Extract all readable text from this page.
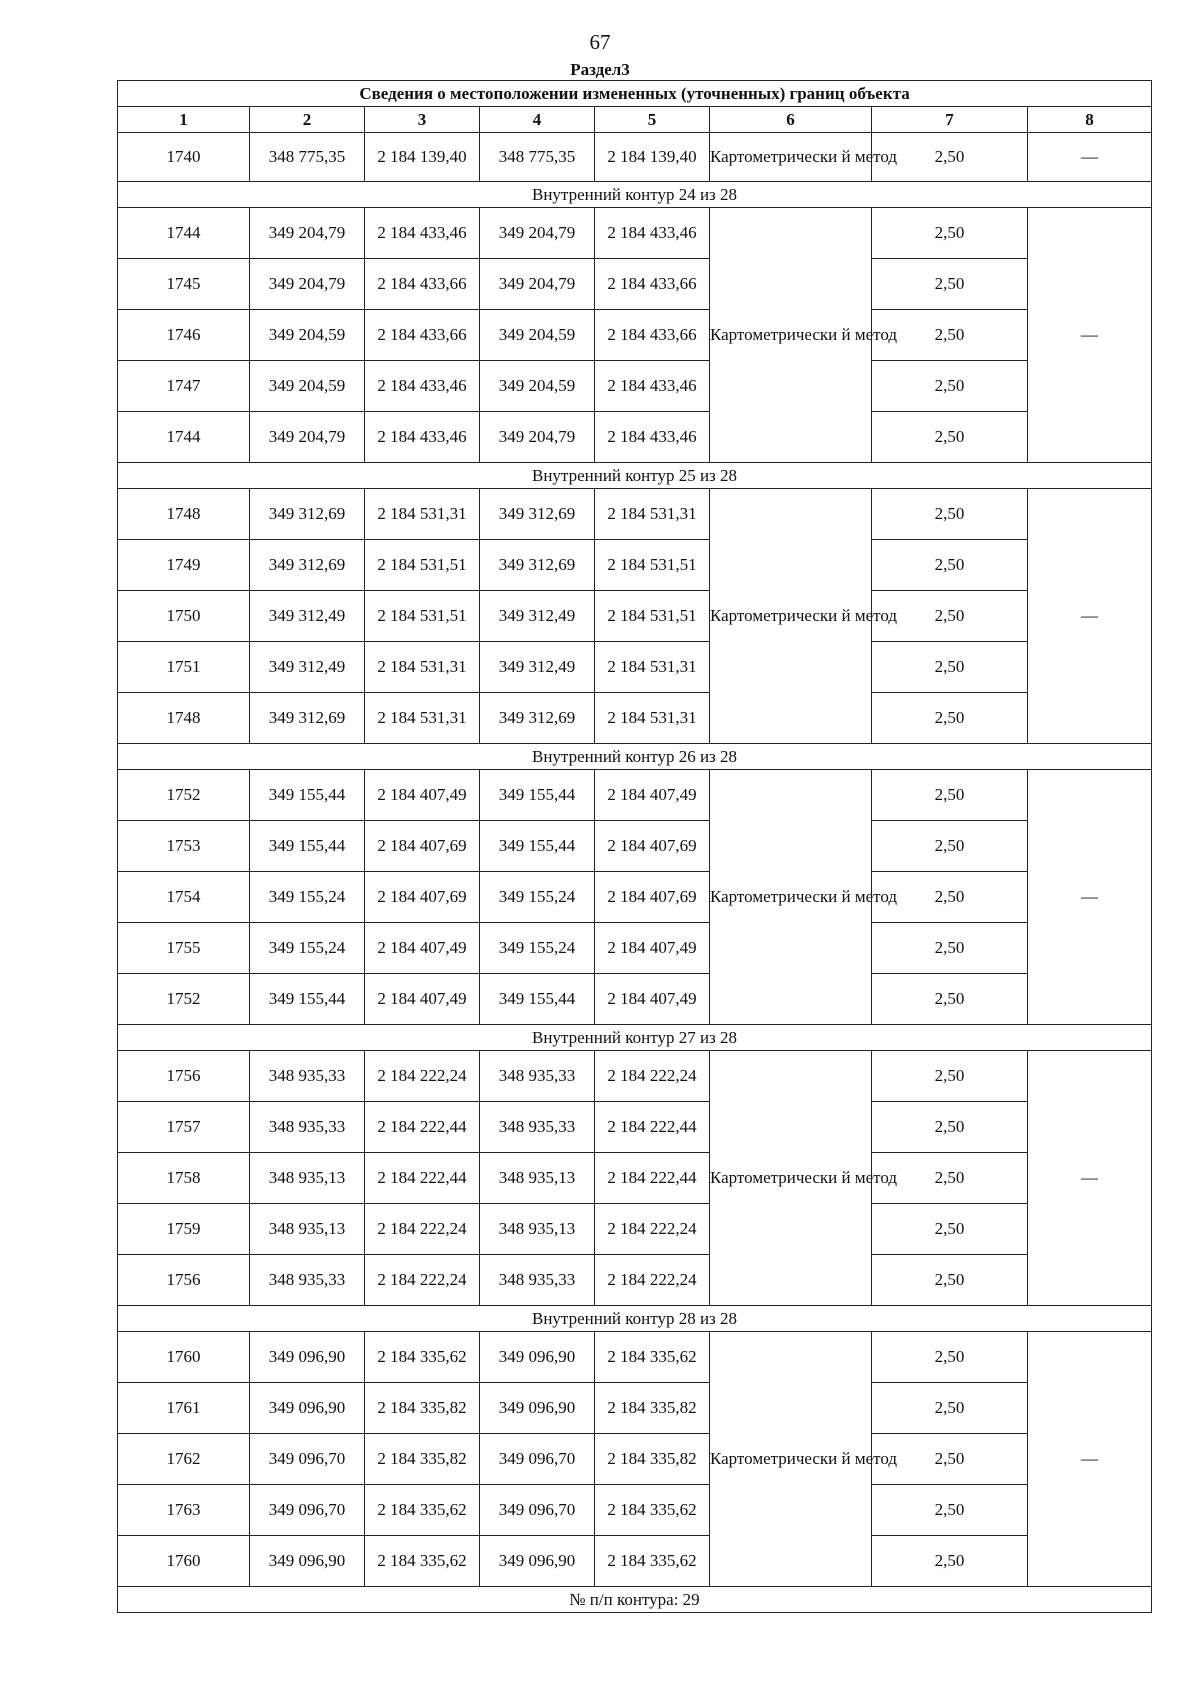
67
Раздел3
Сведения о местоположении измененных (уточненных) границ объекта							
1	2	3	4	5	6	7	8
1740	348 775,35	2 184 139,40	348 775,35	2 184 139,40	Картометрически й метод	2,50	—
Внутренний контур 24 из 28							
1744	349 204,79	2 184 433,46	349 204,79	2 184 433,46	Картометрически й метод	2,50	—
1745	349 204,79	2 184 433,66	349 204,79	2 184 433,66		2,50	
1746	349 204,59	2 184 433,66	349 204,59	2 184 433,66		2,50	
1747	349 204,59	2 184 433,46	349 204,59	2 184 433,46		2,50	
1744	349 204,79	2 184 433,46	349 204,79	2 184 433,46		2,50	
Внутренний контур 25 из 28							
1748	349 312,69	2 184 531,31	349 312,69	2 184 531,31	Картометрически й метод	2,50	—
1749	349 312,69	2 184 531,51	349 312,69	2 184 531,51		2,50	
1750	349 312,49	2 184 531,51	349 312,49	2 184 531,51		2,50	
1751	349 312,49	2 184 531,31	349 312,49	2 184 531,31		2,50	
1748	349 312,69	2 184 531,31	349 312,69	2 184 531,31		2,50	
Внутренний контур 26 из 28							
1752	349 155,44	2 184 407,49	349 155,44	2 184 407,49	Картометрически й метод	2,50	—
1753	349 155,44	2 184 407,69	349 155,44	2 184 407,69		2,50	
1754	349 155,24	2 184 407,69	349 155,24	2 184 407,69		2,50	
1755	349 155,24	2 184 407,49	349 155,24	2 184 407,49		2,50	
1752	349 155,44	2 184 407,49	349 155,44	2 184 407,49		2,50	
Внутренний контур 27 из 28							
1756	348 935,33	2 184 222,24	348 935,33	2 184 222,24	Картометрически й метод	2,50	—
1757	348 935,33	2 184 222,44	348 935,33	2 184 222,44		2,50	
1758	348 935,13	2 184 222,44	348 935,13	2 184 222,44		2,50	
1759	348 935,13	2 184 222,24	348 935,13	2 184 222,24		2,50	
1756	348 935,33	2 184 222,24	348 935,33	2 184 222,24		2,50	
Внутренний контур 28 из 28							
1760	349 096,90	2 184 335,62	349 096,90	2 184 335,62	Картометрически й метод	2,50	—
1761	349 096,90	2 184 335,82	349 096,90	2 184 335,82		2,50	
1762	349 096,70	2 184 335,82	349 096,70	2 184 335,82		2,50	
1763	349 096,70	2 184 335,62	349 096,70	2 184 335,62		2,50	
1760	349 096,90	2 184 335,62	349 096,90	2 184 335,62		2,50	
№ п/п контура: 29							
